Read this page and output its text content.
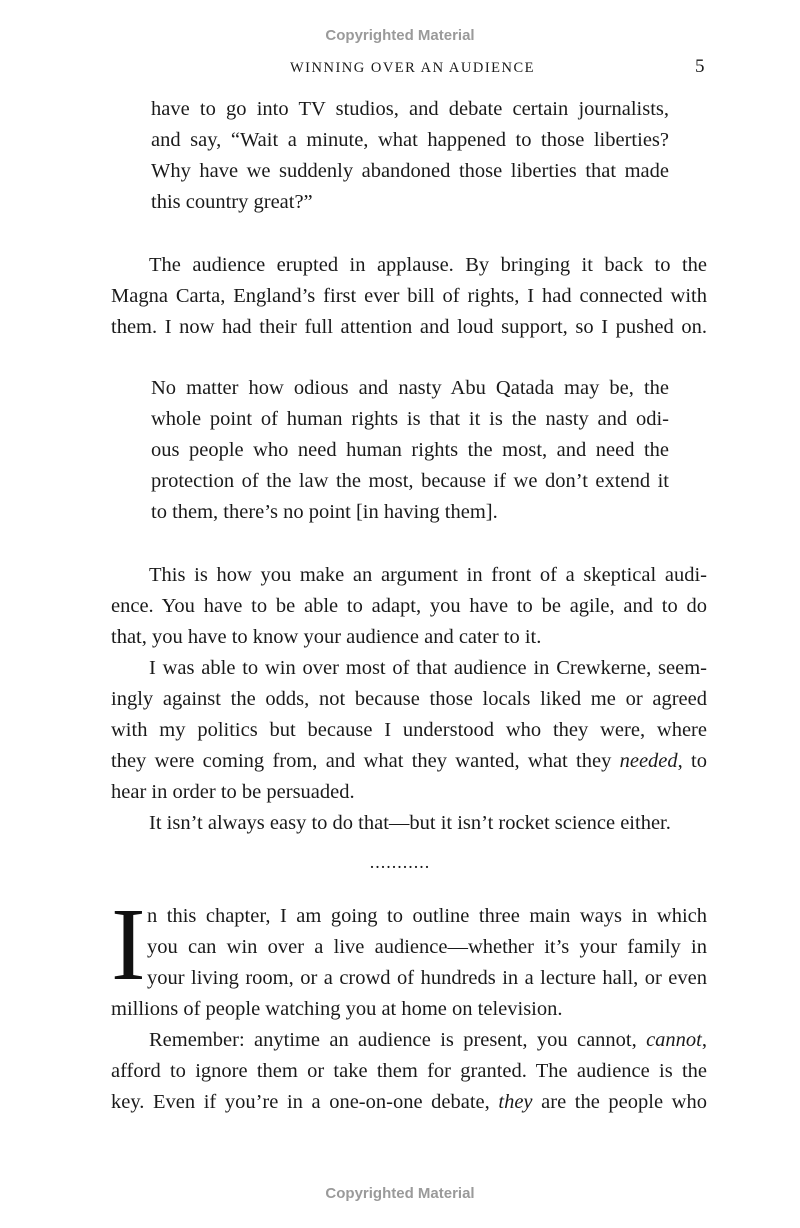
Copyrighted Material
WINNING OVER AN AUDIENCE	5
have to go into TV studios, and debate certain journalists,
and say, “Wait a minute, what happened to those liberties?
Why have we suddenly abandoned those liberties that made
this country great?”
The audience erupted in applause. By bringing it back to the
Magna Carta, England’s first ever bill of rights, I had connected with
them. I now had their full attention and loud support, so I pushed on.
No matter how odious and nasty Abu Qatada may be, the
whole point of human rights is that it is the nasty and odi-
ous people who need human rights the most, and need the
protection of the law the most, because if we don’t extend it
to them, there’s no point [in having them].
This is how you make an argument in front of a skeptical audi-
ence. You have to be able to adapt, you have to be agile, and to do
that, you have to know your audience and cater to it.
I was able to win over most of that audience in Crewkerne, seem-
ingly against the odds, not because those locals liked me or agreed
with my politics but because I understood who they were, where
they were coming from, and what they wanted, what they needed, to
hear in order to be persuaded.
It isn’t always easy to do that—but it isn’t rocket science either.
...........
I n this chapter, I am going to outline three main ways in which
you can win over a live audience—whether it’s your family in
your living room, or a crowd of hundreds in a lecture hall, or even
millions of people watching you at home on television.
Remember: anytime an audience is present, you cannot, cannot,
afford to ignore them or take them for granted. The audience is the
key. Even if you’re in a one-on-one debate, they are the people who
Copyrighted Material
